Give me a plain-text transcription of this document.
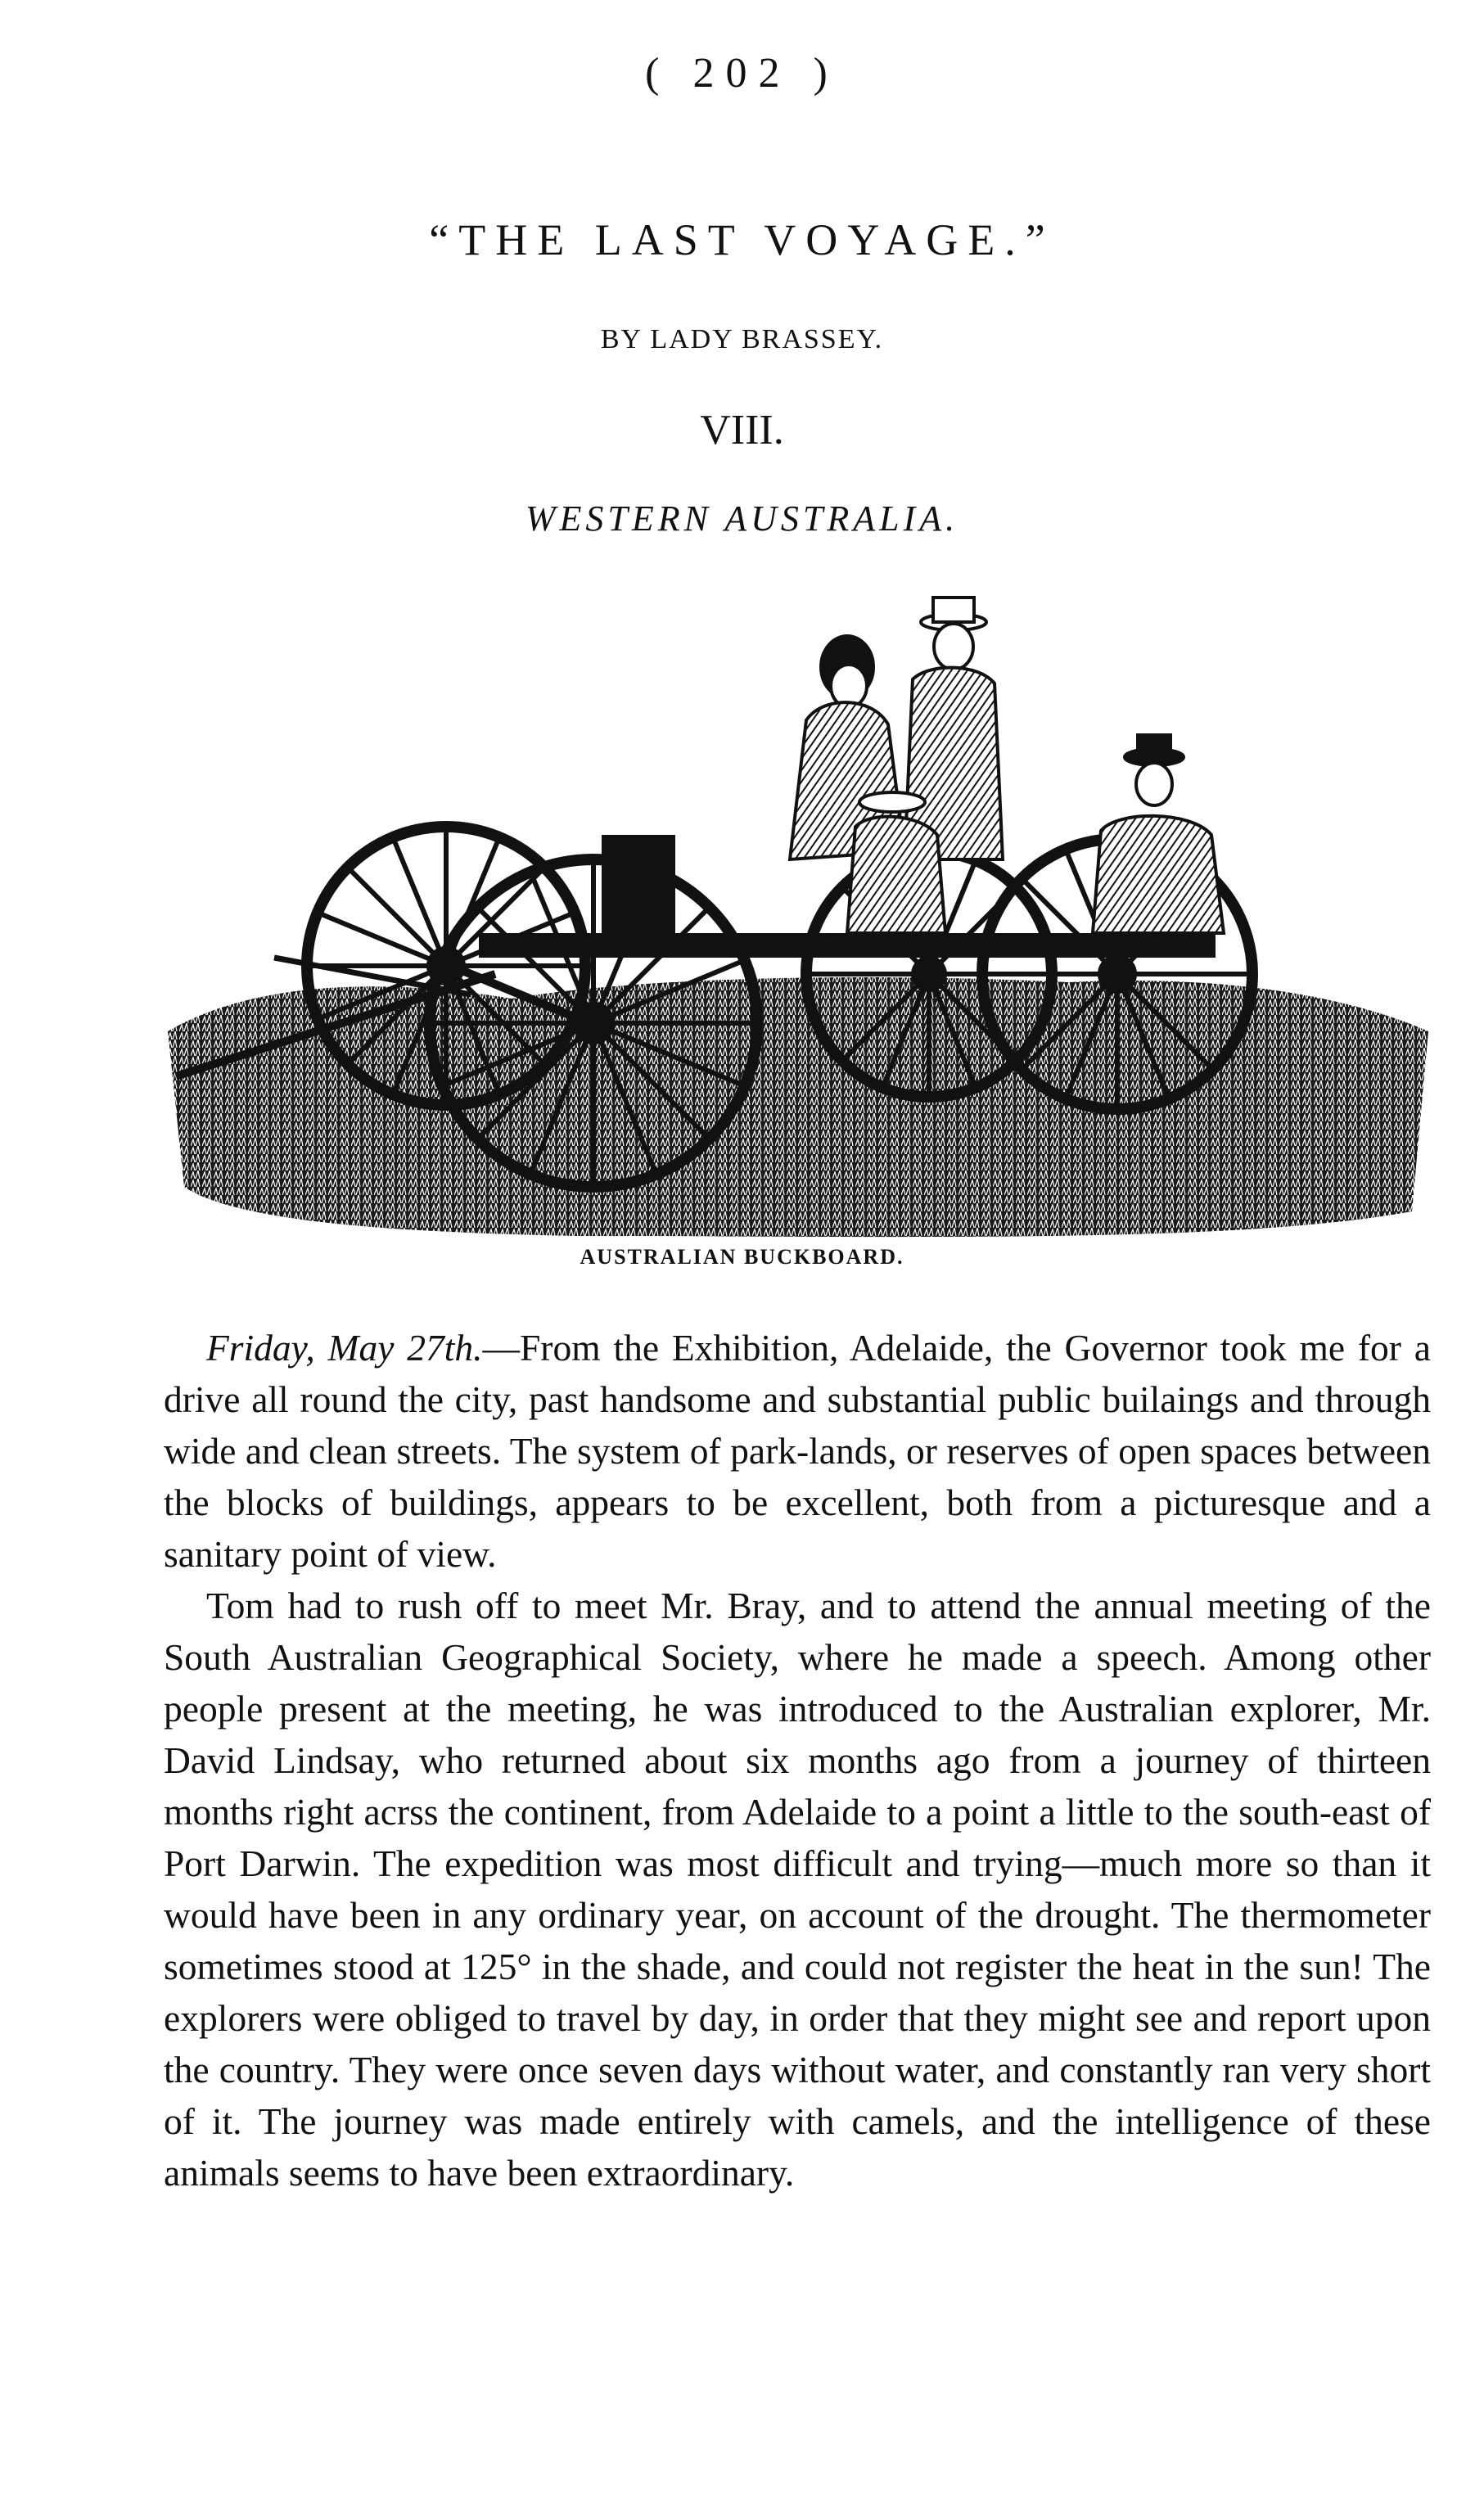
( 202 )
“THE LAST VOYAGE.”
BY LADY BRASSEY.
VIII.
WESTERN AUSTRALIA.
AUSTRALIAN BUCKBOARD.

Friday, May 27th.—From the Exhibition, Adelaide, the Governor took me for a drive all round the city, past handsome and substantial public builaings and through wide and clean streets. The system of park-lands, or reserves of open spaces between the blocks of buildings, appears to be excellent, both from a picturesque and a sanitary point of view.

Tom had to rush off to meet Mr. Bray, and to attend the annual meeting of the South Australian Geographical Society, where he made a speech. Among other people present at the meeting, he was introduced to the Australian explorer, Mr. David Lindsay, who returned about six months ago from a journey of thirteen months right acrss the continent, from Adelaide to a point a little to the south-east of Port Darwin. The expedition was most difficult and trying—much more so than it would have been in any ordinary year, on account of the drought. The thermometer sometimes stood at 125° in the shade, and could not register the heat in the sun! The explorers were obliged to travel by day, in order that they might see and report upon the country. They were once seven days without water, and constantly ran very short of it. The journey was made entirely with camels, and the intelligence of these animals seems to have been extraordinary.
